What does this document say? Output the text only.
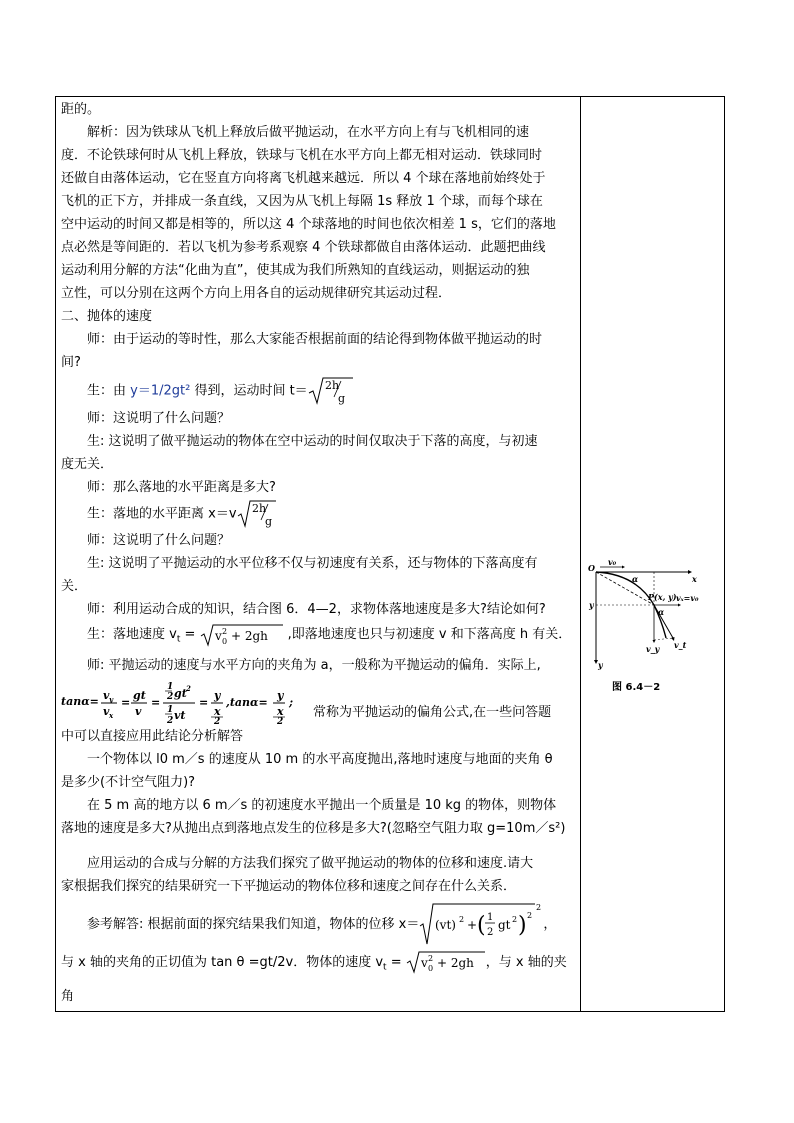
距的。

解析：因为铁球从飞机上释放后做平抛运动，在水平方向上有与飞机相同的速

度．不论铁球何时从飞机上释放，铁球与飞机在水平方向上都无相对运动．铁球同时

还做自由落体运动，它在竖直方向将离飞机越来越远．所以 4 个球在落地前始终处于

飞机的正下方，并排成一条直线，又因为从飞机上每隔 1s 释放 1 个球，而每个球在

空中运动的时间又都是相等的，所以这 4 个球落地的时间也依次相差 1 s，它们的落地

点必然是等间距的．若以飞机为参考系观察 4 个铁球都做自由落体运动．此题把曲线

运动利用分解的方法“化曲为直”，使其成为我们所熟知的直线运动，则据运动的独

立性，可以分别在这两个方向上用各自的运动规律研究其运动过程．

二、抛体的速度

师：由于运动的等时性，那么大家能否根据前面的结论得到物体做平抛运动的时

间?

生：由 y＝1/2gt² 得到，运动时间 t＝ 2h
g

师：这说明了什么问题？

生: 这说明了做平抛运动的物体在空中运动的时间仅取决于下落的高度，与初速

度无关．

师：那么落地的水平距离是多大?

生：落地的水平距离 x＝v 2h
g

师：这说明了什么问题？

生: 这说明了平抛运动的水平位移不仅与初速度有关系，还与物体的下落高度有

关．

师：利用运动合成的知识，结合图 6．4—2，求物体落地速度是多大?结论如何?

生：落地速度 $v_t = v$ 2
0 + 2gh ,即落地速度也只与初速度 v 和下落高度 h 有关．

师: 平抛运动的速度与水平方向的夹角为 a，一般称为平抛运动的偏角．实际上,

tanα= v y
v x
=
gt
v
=
1
2 gt 2
1
2 vt
=
y
x
2
,tanα=
y
x
2
;
常称为平抛运动的偏角公式,在一些问答题

中可以直接应用此结论分析解答

一个物体以 l0 m／s 的速度从 10 m 的水平高度抛出,落地时速度与地面的夹角 θ

是多少(不计空气阻力)?

在 5 m 高的地方以 6 m／s 的初速度水平抛出一个质量是 10 kg 的物体，则物体

落地的速度是多大?从抛出点到落地点发生的位移是多大?(忽略空气阻力取 g=10m／s²)

应用运动的合成与分解的方法我们探究了做平抛运动的物体的位移和速度.请大

家根据我们探究的结果研究一下平抛运动的物体位移和速度之间存在什么关系．

参考解答: 根据前面的探究结果我们知道，物体的位移 x＝ (vt) 2 + ( 1
2
gt 2 ) 2
2
，

与 x 轴的夹角的正切值为 tan θ =gt/2v．物体的速度 $v_t = v$ 2
0 + 2gh ，与 x 轴的夹角

O
x
y
y
v₀
α
P(x, y)
α
vₓ=v₀
v_y v_t
图 6.4－2
